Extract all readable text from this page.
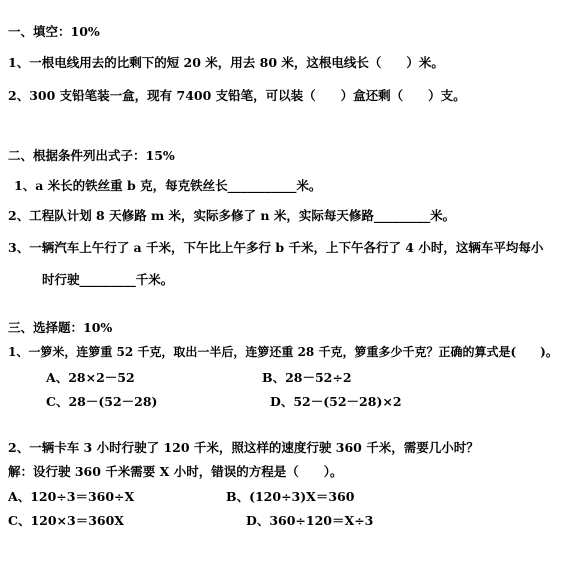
一、填空：10%
1、一根电线用去的比剩下的短 20 米，用去 80 米，这根电线长（　　）米。
2、300 支铅笔装一盒，现有 7400 支铅笔，可以装（　　）盒还剩（　　）支。
二、根据条件列出式子：15%
1、a 米长的铁丝重 b 克，每克铁丝长___________米。
2、工程队计划 8 天修路 m 米，实际多修了 n 米，实际每天修路_________米。
3、一辆汽车上午行了 a 千米，下午比上午多行 b 千米，上下午各行了 4 小时，这辆车平均每小
时行驶_________千米。
三、选择题：10%
1、一箩米，连箩重 52 千克，取出一半后，连箩还重 28 千克，箩重多少千克？正确的算式是(　　)。
A、28×2－52	B、28－52÷2
C、28－(52－28)	D、52－(52－28)×2
2、一辆卡车 3 小时行驶了 120 千米，照这样的速度行驶 360 千米，需要几小时？
解：设行驶 360 千米需要 X 小时，错误的方程是（　　）。
A、120÷3＝360÷X	B、(120÷3)X＝360
C、120×3＝360X	D、360÷120＝X÷3
